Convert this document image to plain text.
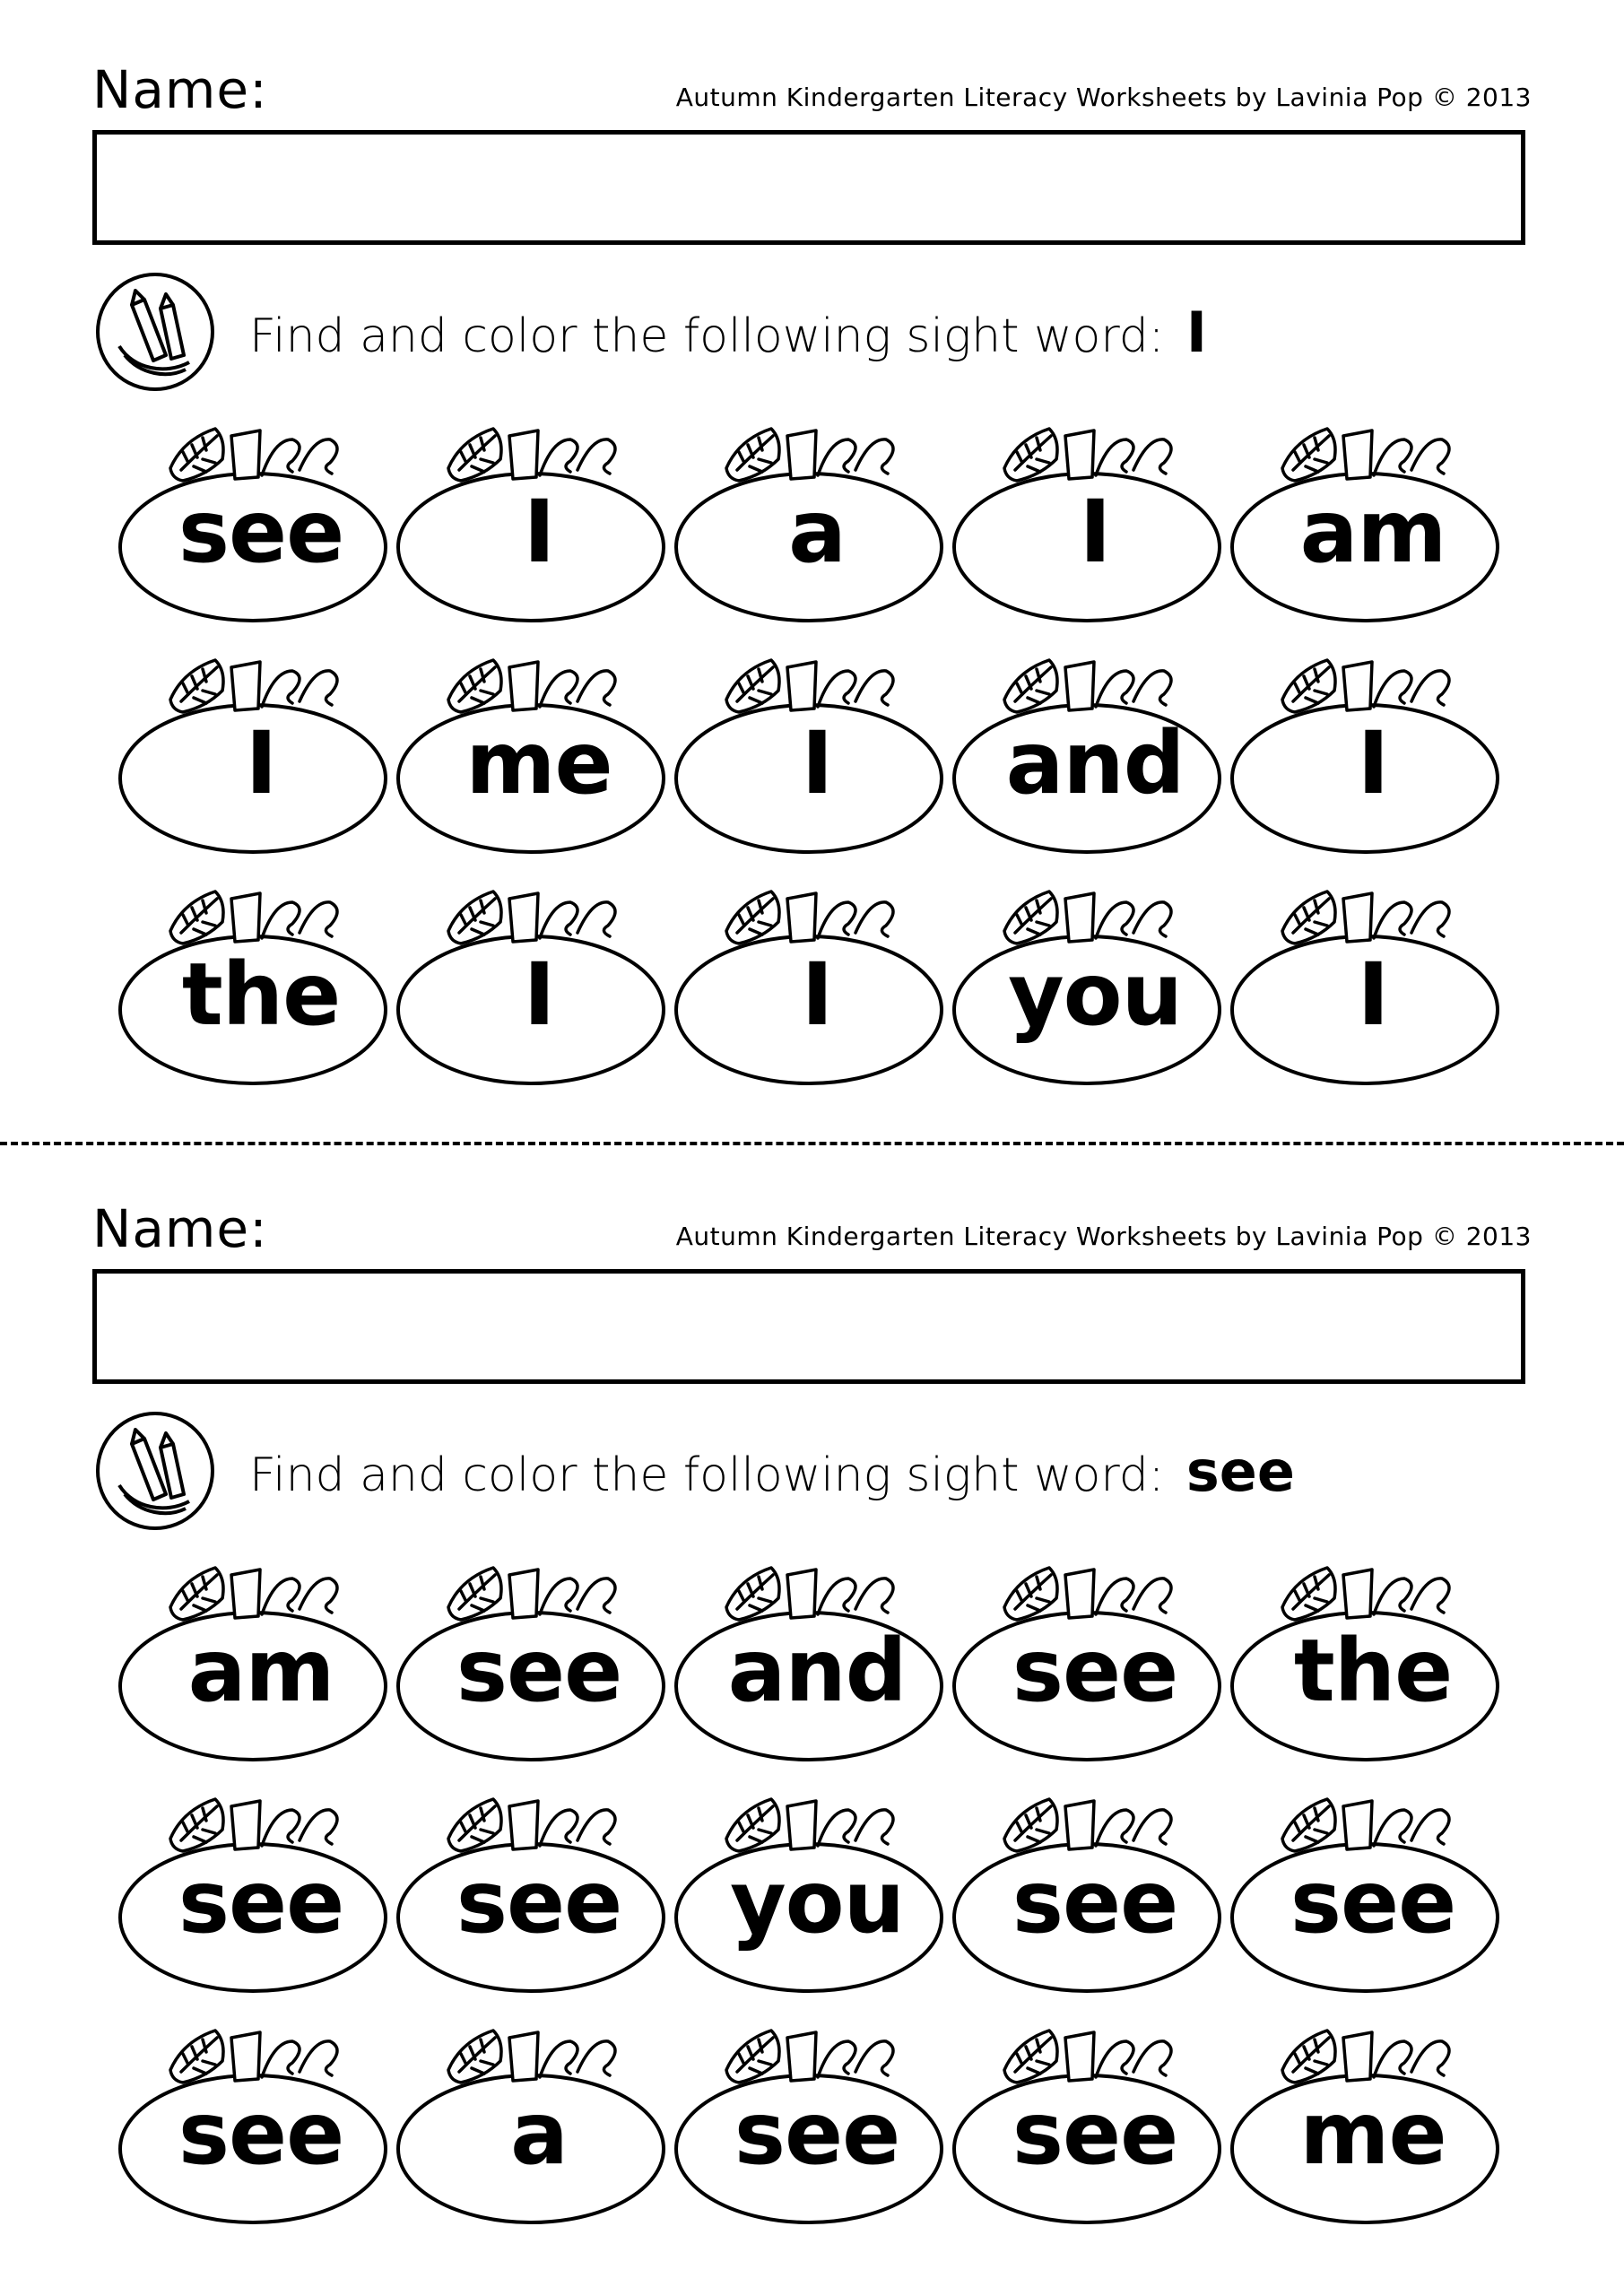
Name:	Autumn Kindergarten Literacy Worksheets by Lavinia Pop © 2013
Find and color the following sight word: I
see	I	a	I	am
I	me	I	and	I
the	I	I	you	I
Name:	Autumn Kindergarten Literacy Worksheets by Lavinia Pop © 2013
Find and color the following sight word: see
am	see	and	see	the
see	see	you	see	see
see	a	see	see	me
